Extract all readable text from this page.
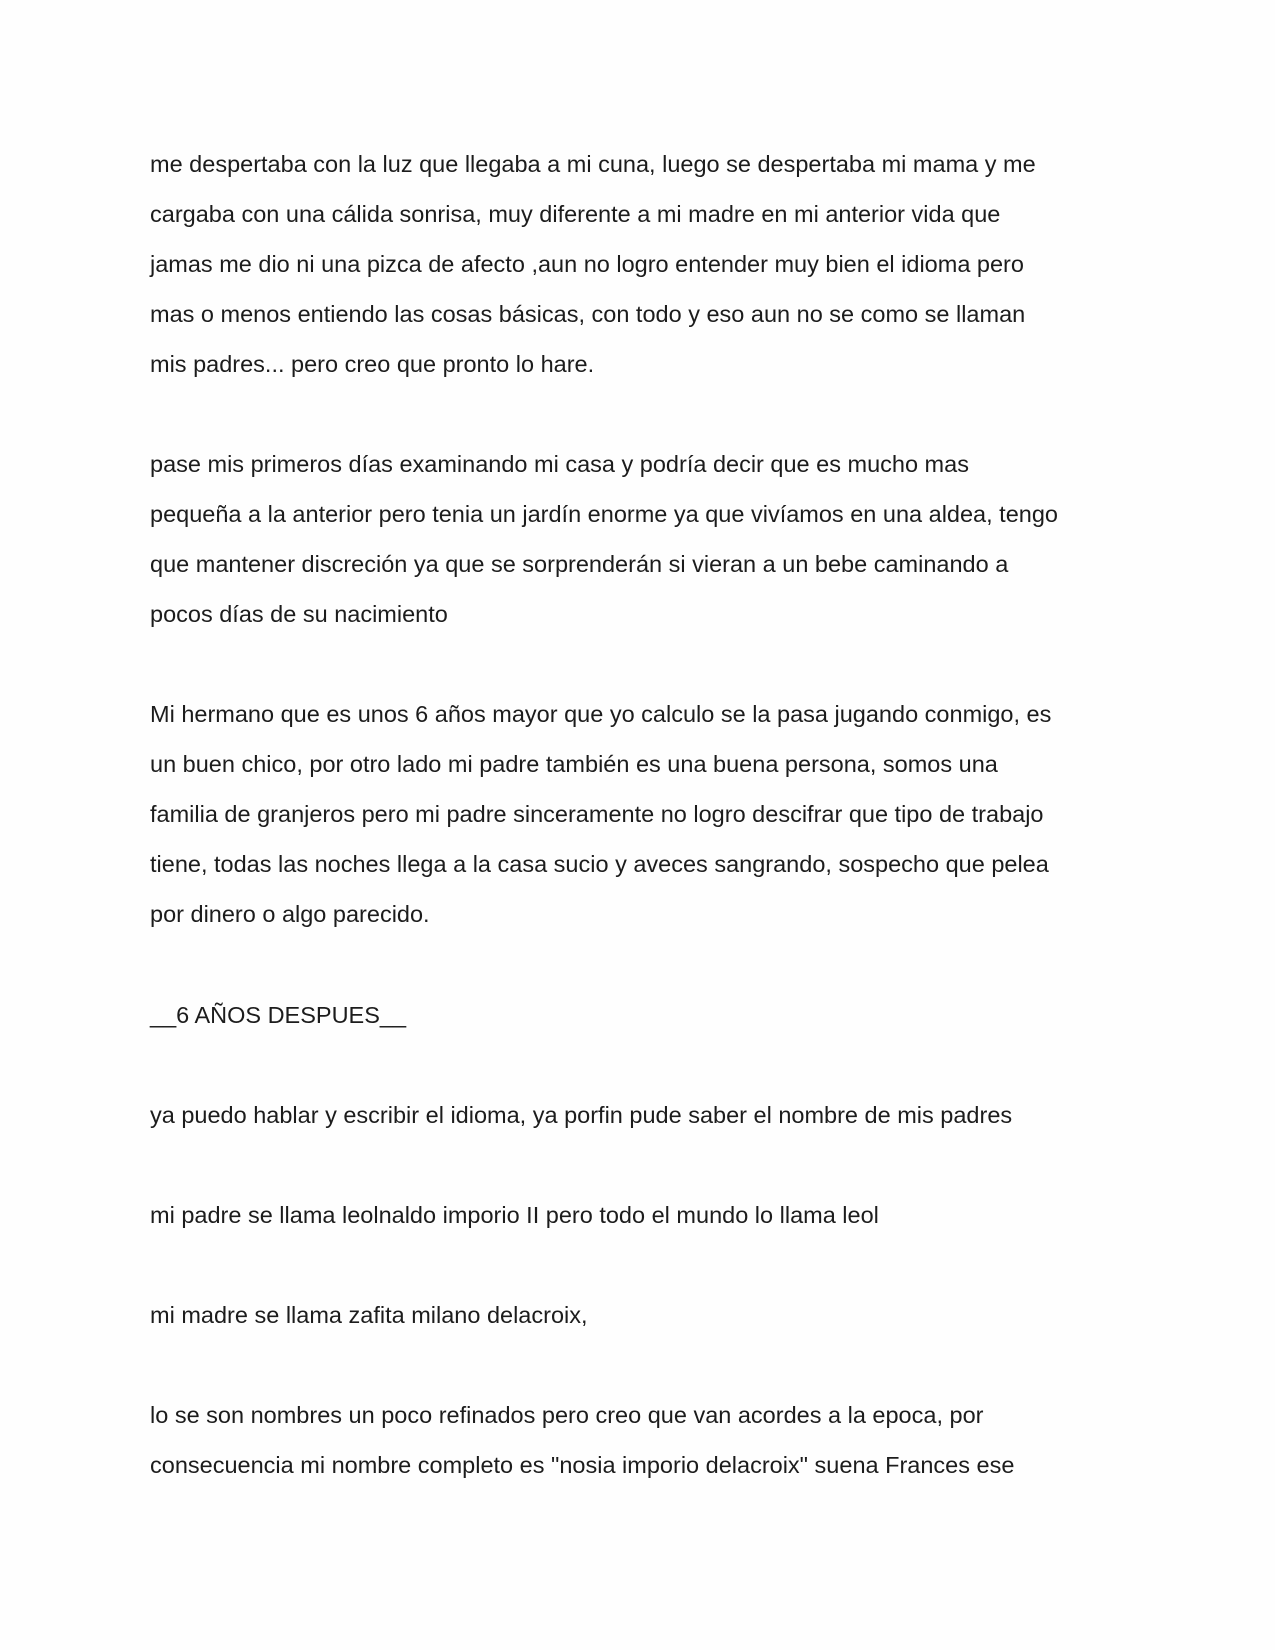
me despertaba con la luz que llegaba a mi cuna, luego se despertaba mi mama y me
cargaba con una cálida sonrisa, muy diferente a mi madre en mi anterior vida que
jamas me dio ni una pizca de afecto ,aun no logro entender muy bien el idioma pero
mas o menos entiendo las cosas básicas, con todo y eso aun no se como se llaman
mis padres... pero creo que pronto lo hare.
pase mis primeros días examinando mi casa y podría decir que es mucho mas
pequeña a la anterior pero tenia un jardín enorme ya que vivíamos en una aldea, tengo
que mantener discreción ya que se sorprenderán si vieran a un bebe caminando a
pocos días de su nacimiento
Mi hermano que es unos 6 años mayor que yo calculo se la pasa jugando conmigo, es
un buen chico, por otro lado mi padre también es una buena persona, somos una
familia de granjeros pero mi padre sinceramente no logro descifrar que tipo de trabajo
tiene, todas las noches llega a la casa sucio y aveces sangrando, sospecho que pelea
por dinero o algo parecido.
__6 AÑOS DESPUES__
ya puedo hablar y escribir el idioma, ya porfin pude saber el nombre de mis padres
mi padre se llama leolnaldo imporio II pero todo el mundo lo llama leol
mi madre se llama zafita milano delacroix,
lo se son nombres un poco refinados pero creo que van acordes a la epoca, por
consecuencia mi nombre completo es "nosia imporio delacroix" suena Frances ese
